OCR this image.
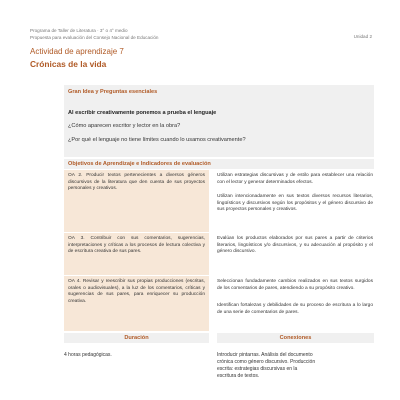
Programa de Taller de Literatura · 3° o 4° medio
Propuesta para evaluación del Consejo Nacional de Educación	Unidad 2
Actividad de aprendizaje 7
Crónicas de la vida
Gran Idea y Preguntas esenciales
Al escribir creativamente ponemos a prueba el lenguaje
¿Cómo aparecen escritor y lector en la obra?
¿Por qué el lenguaje no tiene límites cuando lo usamos creativamente?
Objetivos de Aprendizaje e Indicadores de evaluación
OA 2. Producir textos pertenecientes a diversos géneros discursivos de la literatura que den cuenta de sus proyectos personales y creativos.
Utilizan estrategias discursivas y de estilo para establecer una relación con el lector y generar determinados efectos.
Utilizan intencionadamente en sus textos diversos recursos literarios, lingüísticos y discursivos según los propósitos y el género discursivo de sus proyectos personales y creativos.
OA 3. Contribuir con sus comentarios, sugerencias, interpretaciones y críticas a los procesos de lectura colectiva y de escritura creativa de sus pares.
Evalúan los productos elaborados por sus pares a partir de criterios literarios, lingüísticos y/o discursivos, y su adecuación al propósito y el género discursivo.
OA 4. Revisar y reescribir sus propias producciones (escritas, orales o audiovisuales), a la luz de los comentarios, críticas y sugerencias de sus pares, para enriquecer su producción creativa.
Seleccionan fundadamente cambios realizados en sus textos surgidos de los comentarios de pares, atendiendo a su propósito creativo.
Identifican fortalezas y debilidades de su proceso de escritura a lo largo de una serie de comentarios de pares.
Duración	Conexiones
4 horas pedagógicas.	Introducir pintarras. Análisis del documento crónica como género discursivo. Producción escrita: estrategias discursivas en la escritura de textos.
